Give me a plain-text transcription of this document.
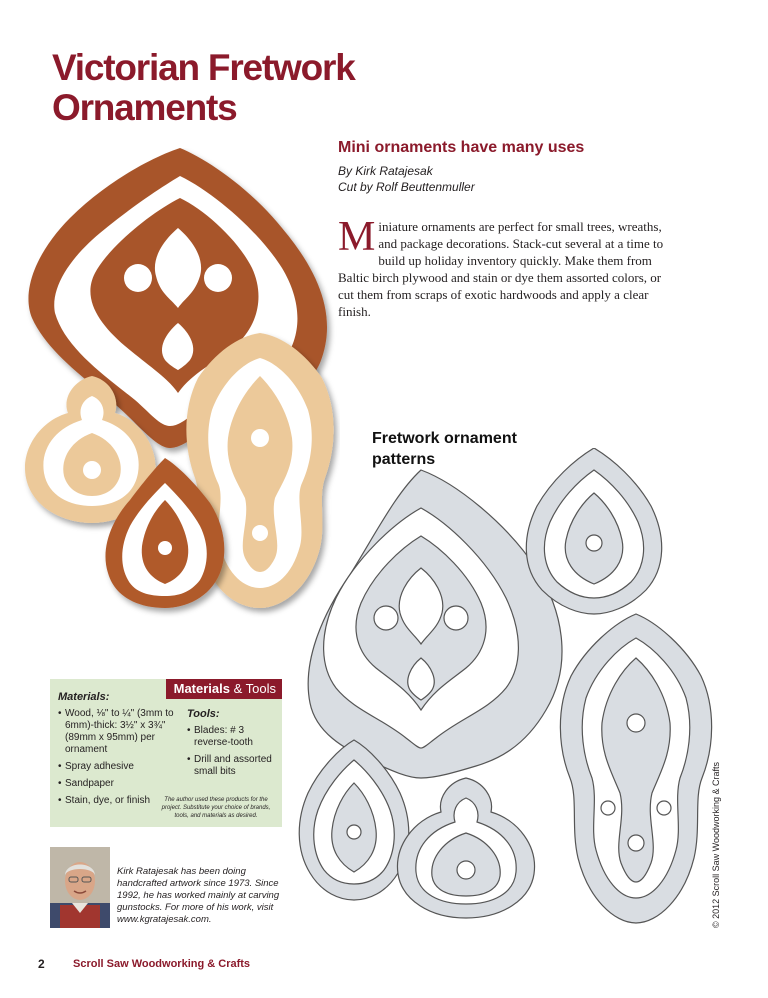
Victorian Fretwork Ornaments
Mini ornaments have many uses
By Kirk Ratajesak
Cut by Rolf Beuttenmuller

Miniature ornaments are perfect for small trees, wreaths, and package decorations. Stack-cut several at a time to build up holiday inventory quickly. Make them from Baltic birch plywood and stain or dye them assorted colors, or cut them from scraps of exotic hardwoods and apply a clear finish.

Fretwork ornament patterns
Materials & Tools
Materials:
• Wood, ⅛" to ¼" (3mm to 6mm)-thick: 3½" x 3¾" (89mm x 95mm) per ornament
• Spray adhesive
• Sandpaper
• Stain, dye, or finish
Tools:
• Blades: # 3 reverse-tooth
• Drill and assorted small bits
The author used these products for the project. Substitute your choice of brands, tools, and materials as desired.

Kirk Ratajesak has been doing handcrafted artwork since 1973. Since 1992, he has worked mainly at carving gunstocks. For more of his work, visit www.kgratajesak.com.	© 2012 Scroll Saw Woodworking & Crafts
2	Scroll Saw Woodworking & Crafts
